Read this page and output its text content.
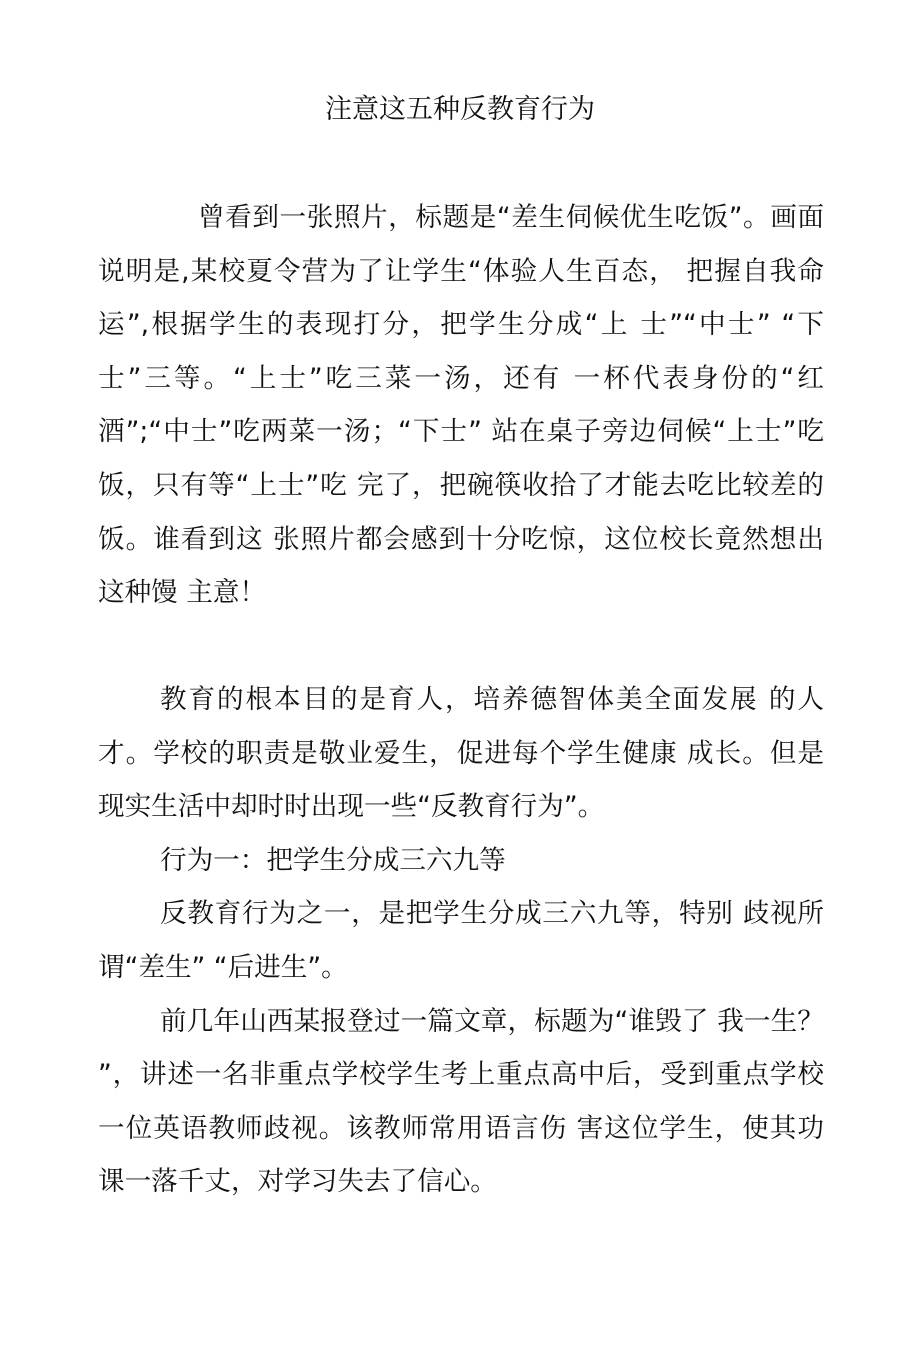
注意这五种反教育行为

曾看到一张照片，标题是“差生伺候优生吃饭”。画面说明是,某校夏令营为了让学生“体验人生百态， 把握自我命运”,根据学生的表现打分，把学生分成“上 士”“中士” “下士”三等。“上士”吃三菜一汤，还有 一杯代表身份的“红酒”;“中士”吃两菜一汤；“下士” 站在桌子旁边伺候“上士”吃饭，只有等“上士”吃 完了，把碗筷收拾了才能去吃比较差的饭。谁看到这 张照片都会感到十分吃惊，这位校长竟然想出这种馒 主意！

教育的根本目的是育人，培养德智体美全面发展 的人才。学校的职责是敬业爱生，促进每个学生健康 成长。但是现实生活中却时时出现一些“反教育行为”。

行为一：把学生分成三六九等

反教育行为之一，是把学生分成三六九等，特别 歧视所谓“差生” “后进生”。

前几年山西某报登过一篇文章，标题为“谁毁了 我一生？ ”，讲述一名非重点学校学生考上重点高中后，受到重点学校一位英语教师歧视。该教师常用语言伤 害这位学生，使其功课一落千丈，对学习失去了信心。
